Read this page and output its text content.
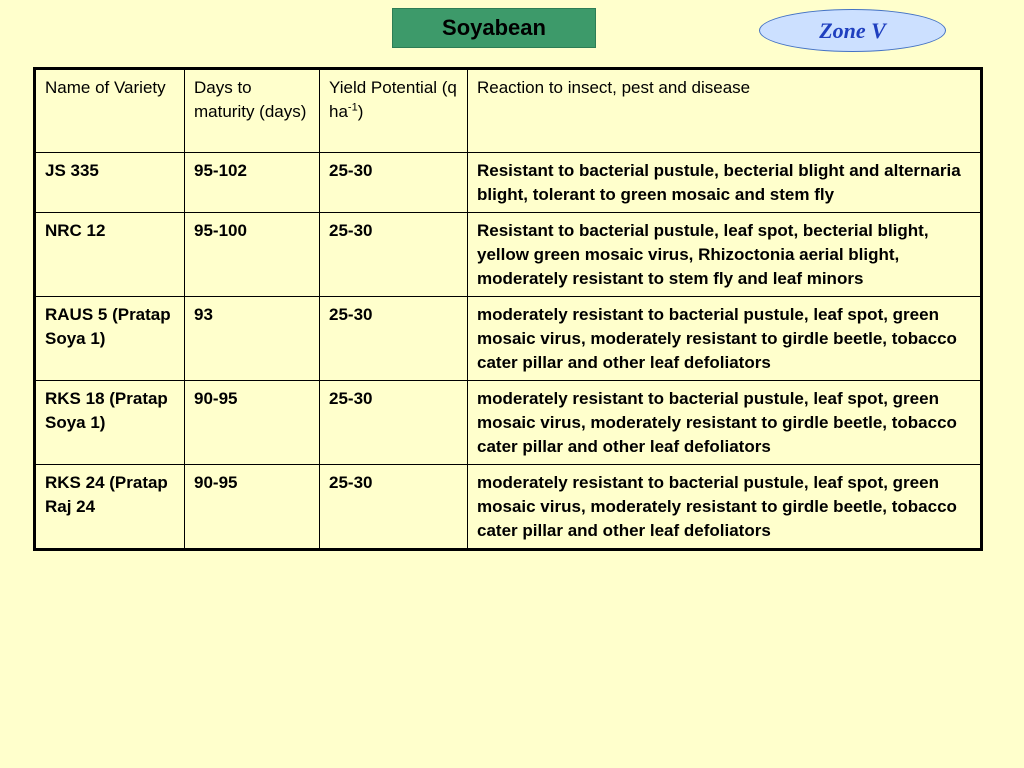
Soyabean	Zone V
Name of Variety	Days to maturity (days)	Yield Potential (q $ha^{-1}$)	Reaction to insect, pest and disease
JS 335	95-102	25-30	Resistant to bacterial pustule, becterial blight and alternaria blight, tolerant to green mosaic and stem fly
NRC 12	95-100	25-30	Resistant to bacterial pustule, leaf spot, becterial blight, yellow green mosaic virus, Rhizoctonia aerial blight, moderately resistant to stem fly and leaf minors
RAUS 5 (Pratap Soya 1)	93	25-30	moderately resistant to bacterial pustule, leaf spot, green mosaic virus, moderately resistant to girdle beetle, tobacco cater pillar and other leaf defoliators
RKS 18 (Pratap Soya 1)	90-95	25-30	moderately resistant to bacterial pustule, leaf spot, green mosaic virus, moderately resistant to girdle beetle, tobacco cater pillar and other leaf defoliators
RKS 24 (Pratap Raj 24	90-95	25-30	moderately resistant to bacterial pustule, leaf spot, green mosaic virus, moderately resistant to girdle beetle, tobacco cater pillar and other leaf defoliators
